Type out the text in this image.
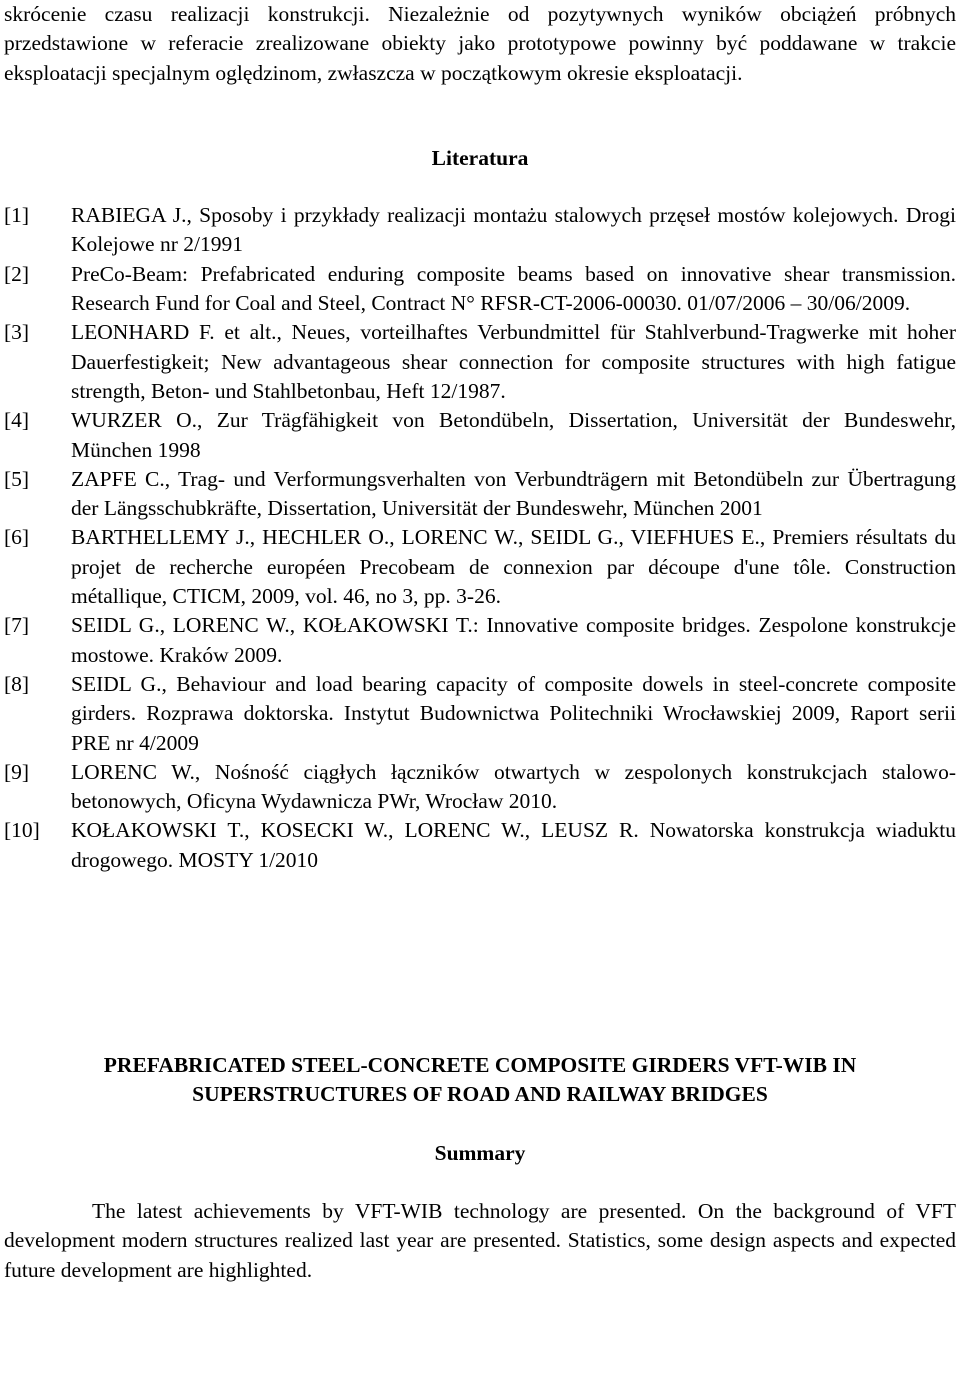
skrócenie czasu realizacji konstrukcji. Niezależnie od pozytywnych wyników obciążeń próbnych przedstawione w referacie zrealizowane obiekty jako prototypowe powinny być poddawane w trakcie eksploatacji specjalnym oględzinom, zwłaszcza w początkowym okresie eksploatacji.

Literatura
[1]	RABIEGA J., Sposoby i przykłady realizacji montażu stalowych przęseł mostów kolejowych. Drogi Kolejowe nr 2/1991
[2]	PreCo-Beam: Prefabricated enduring composite beams based on innovative shear transmission. Research Fund for Coal and Steel, Contract N° RFSR-CT-2006-00030. 01/07/2006 – 30/06/2009.
[3]	LEONHARD F. et alt., Neues, vorteilhaftes Verbundmittel für Stahlverbund-Tragwerke mit hoher Dauerfestigkeit; New advantageous shear connection for composite structures with high fatigue strength, Beton- und Stahlbetonbau, Heft 12/1987.
[4]	WURZER O., Zur Trägfähigkeit von Betondübeln, Dissertation, Universität der Bundeswehr, München 1998
[5]	ZAPFE C., Trag- und Verformungsverhalten von Verbundträgern mit Betondübeln zur Übertragung der Längsschubkräfte, Dissertation, Universität der Bundeswehr, München 2001
[6]	BARTHELLEMY J., HECHLER O., LORENC W., SEIDL G., VIEFHUES E., Premiers résultats du projet de recherche européen Precobeam de connexion par découpe d'une tôle. Construction métallique, CTICM, 2009, vol. 46, no 3, pp. 3-26.
[7]	SEIDL G., LORENC W., KOŁAKOWSKI T.: Innovative composite bridges. Zespolone konstrukcje mostowe. Kraków 2009.
[8]	SEIDL G., Behaviour and load bearing capacity of composite dowels in steel-concrete composite girders. Rozprawa doktorska. Instytut Budownictwa Politechniki Wrocławskiej 2009, Raport serii PRE nr 4/2009
[9]	LORENC W., Nośność ciągłych łączników otwartych w zespolonych konstrukcjach stalowo-betonowych, Oficyna Wydawnicza PWr, Wrocław 2010.
[10]	KOŁAKOWSKI T., KOSECKI W., LORENC W., LEUSZ R. Nowatorska konstrukcja wiaduktu drogowego. MOSTY 1/2010
PREFABRICATED STEEL-CONCRETE COMPOSITE GIRDERS VFT-WIB IN
SUPERSTRUCTURES OF ROAD AND RAILWAY BRIDGES
Summary

The latest achievements by VFT-WIB technology are presented. On the background of VFT development modern structures realized last year are presented. Statistics, some design aspects and expected future development are highlighted.
